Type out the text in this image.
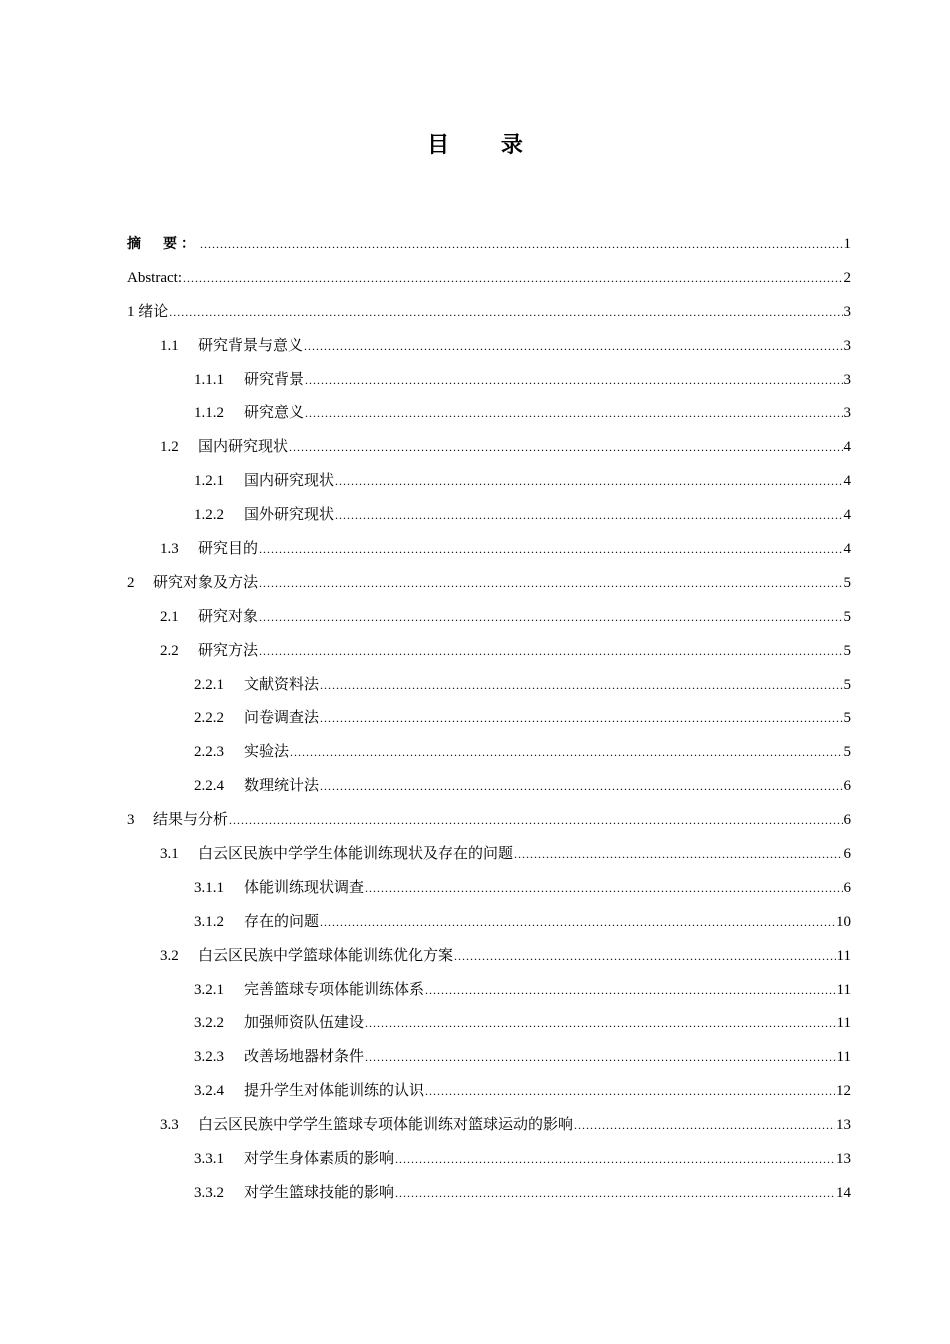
目 录
摘　要： .....	1
Abstract: .....	2
1 绪论 .....	3
1.1	研究背景与意义 .....	3
1.1.1	研究背景 .....	3
1.1.2	研究意义 .....	3
1.2	国内研究现状 .....	4
1.2.1	国内研究现状 .....	4
1.2.2	国外研究现状 .....	4
1.3	研究目的 .....	4
2	研究对象及方法 .....	5
2.1	研究对象 .....	5
2.2	研究方法 .....	5
2.2.1	文献资料法 .....	5
2.2.2	问卷调查法 .....	5
2.2.3	实验法 .....	5
2.2.4	数理统计法 .....	6
3	结果与分析 .....	6
3.1	白云区民族中学学生体能训练现状及存在的问题 .....	6
3.1.1	体能训练现状调查 .....	6
3.1.2	存在的问题 .....	10
3.2	白云区民族中学篮球体能训练优化方案 .....	11
3.2.1	完善篮球专项体能训练体系 .....	11
3.2.2	加强师资队伍建设 .....	11
3.2.3	改善场地器材条件 .....	11
3.2.4	提升学生对体能训练的认识 .....	12
3.3	白云区民族中学学生篮球专项体能训练对篮球运动的影响 .....	13
3.3.1	对学生身体素质的影响 .....	13
3.3.2	对学生篮球技能的影响 .....	14
